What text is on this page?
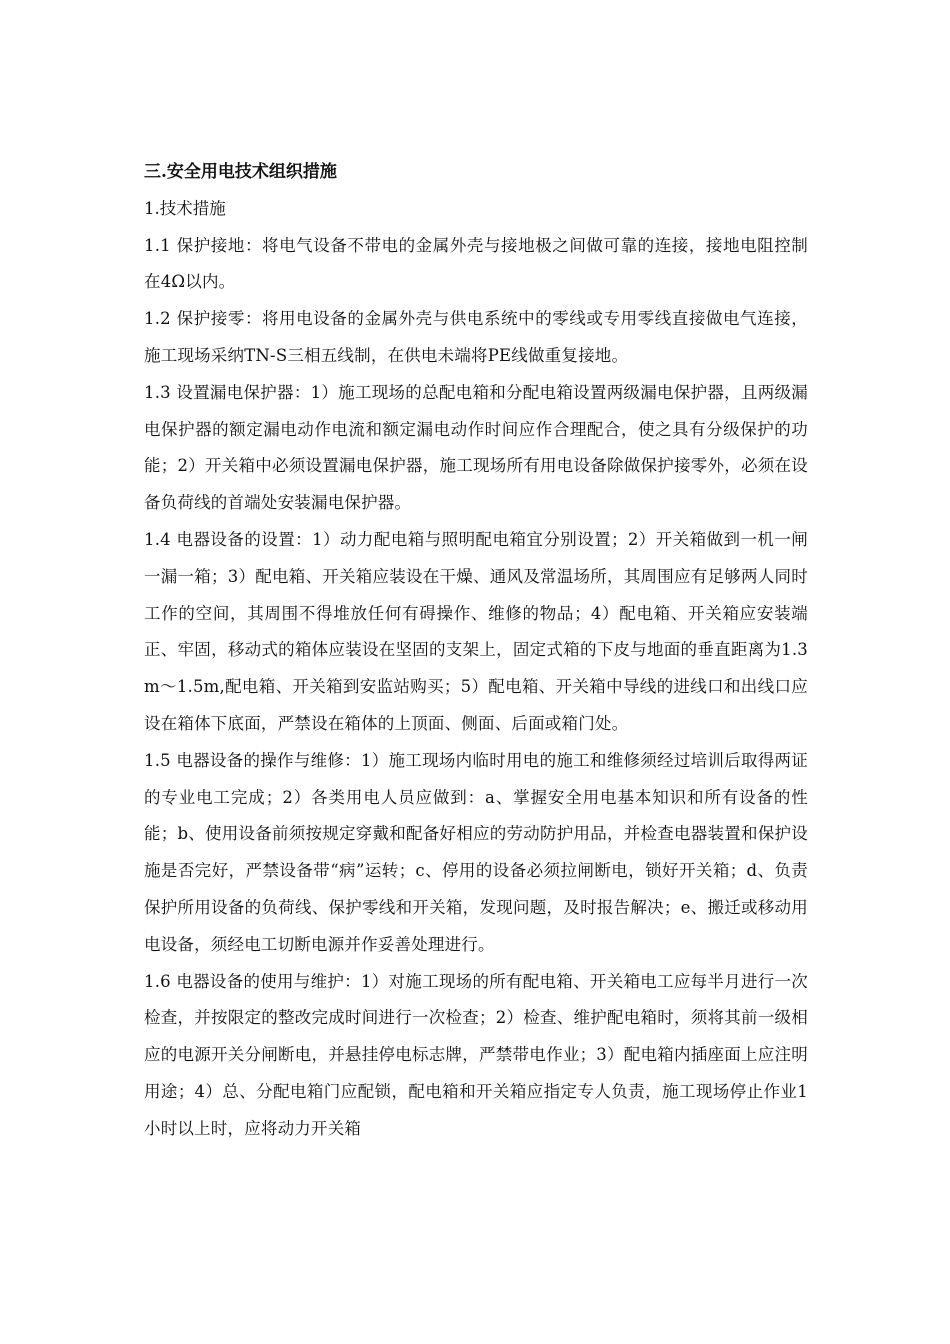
三.安全用电技术组织措施
1.技术措施

1.1 保护接地：将电气设备不带电的金属外壳与接地极之间做可靠的连接，接地电阻控制在4Ω以内。

1.2 保护接零：将用电设备的金属外壳与供电系统中的零线或专用零线直接做电气连接，施工现场采纳TN-S三相五线制，在供电未端将PE线做重复接地。

1.3 设置漏电保护器：1）施工现场的总配电箱和分配电箱设置两级漏电保护器，且两级漏电保护器的额定漏电动作电流和额定漏电动作时间应作合理配合，使之具有分级保护的功能；2）开关箱中必须设置漏电保护器，施工现场所有用电设备除做保护接零外，必须在设备负荷线的首端处安装漏电保护器。

1.4 电器设备的设置：1）动力配电箱与照明配电箱宜分别设置；2）开关箱做到一机一闸一漏一箱；3）配电箱、开关箱应装设在干燥、通风及常温场所，其周围应有足够两人同时工作的空间，其周围不得堆放任何有碍操作、维修的物品；4）配电箱、开关箱应安装端正、牢固，移动式的箱体应装设在坚固的支架上，固定式箱的下皮与地面的垂直距离为1.3m～1.5m,配电箱、开关箱到安监站购买；5）配电箱、开关箱中导线的进线口和出线口应设在箱体下底面，严禁设在箱体的上顶面、侧面、后面或箱门处。

1.5 电器设备的操作与维修：1）施工现场内临时用电的施工和维修须经过培训后取得两证的专业电工完成；2）各类用电人员应做到：a、掌握安全用电基本知识和所有设备的性能；b、使用设备前须按规定穿戴和配备好相应的劳动防护用品，并检查电器装置和保护设施是否完好，严禁设备带“病”运转；c、停用的设备必须拉闸断电，锁好开关箱；d、负责保护所用设备的负荷线、保护零线和开关箱，发现问题，及时报告解决；e、搬迁或移动用电设备，须经电工切断电源并作妥善处理进行。

1.6 电器设备的使用与维护：1）对施工现场的所有配电箱、开关箱电工应每半月进行一次检查，并按限定的整改完成时间进行一次检查；2）检查、维护配电箱时，须将其前一级相应的电源开关分闸断电，并悬挂停电标志牌，严禁带电作业；3）配电箱内插座面上应注明用途；4）总、分配电箱门应配锁，配电箱和开关箱应指定专人负责，施工现场停止作业1小时以上时，应将动力开关箱
